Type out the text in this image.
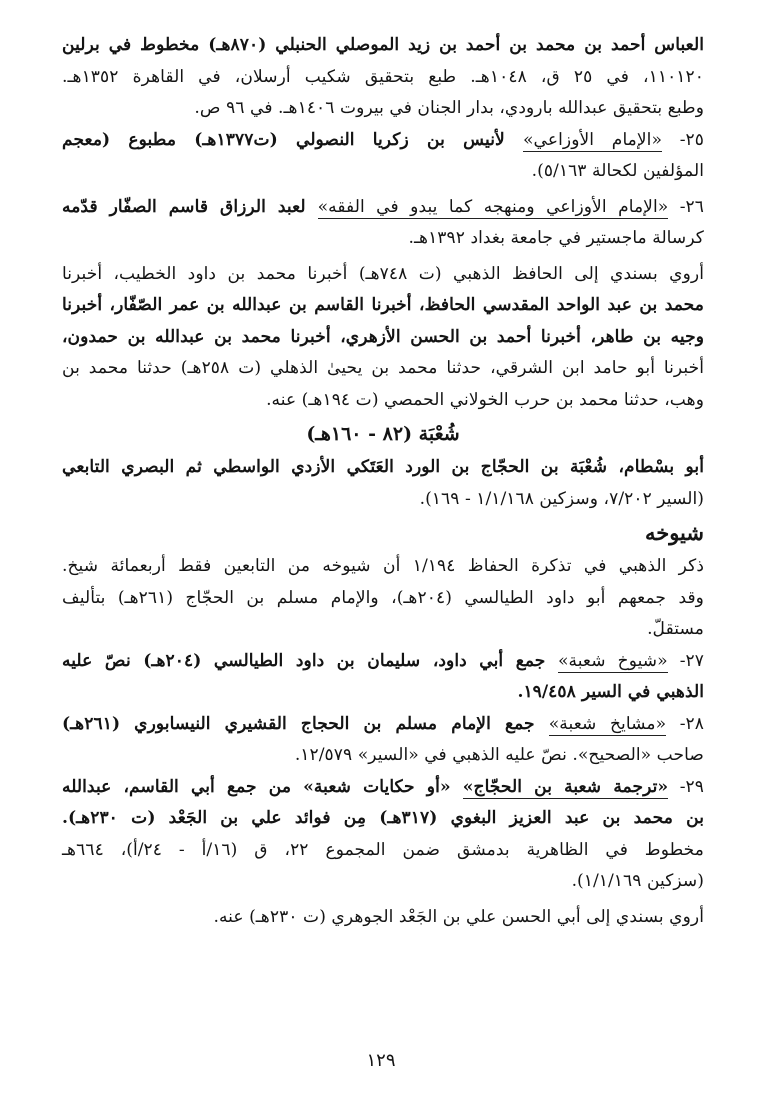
العباس أحمد بن محمد بن أحمد بن زيد الموصلي الحنبلي (٨٧٠هـ) مخطوط في برلين
١١٠١٢٠، في ٢٥ ق، ١٠٤٨هـ. طبع بتحقيق شكيب أرسلان، في القاهرة ١٣٥٢هـ.
وطبع بتحقيق عبدالله بارودي، بدار الجنان في بيروت ١٤٠٦هـ. في ٩٦ ص.
٢٥- «الإمام الأوزاعي» لأنيس بن زكريا النصولي (ت١٣٧٧هـ) مطبوع (معجم
المؤلفين لكحالة ٥/١٦٣).
٢٦- «الإمام الأوزاعي ومنهجه كما يبدو في الفقه» لعبد الرزاق قاسم الصفّار قدّمه
كرسالة ماجستير في جامعة بغداد ١٣٩٢هـ.
أروي بسندي إلى الحافظ الذهبي (ت ٧٤٨هـ) أخبرنا محمد بن داود الخطيب، أخبرنا
محمد بن عبد الواحد المقدسي الحافظ، أخبرنا القاسم بن عبدالله بن عمر الصّفّار، أخبرنا
وجيه بن طاهر، أخبرنا أحمد بن الحسن الأزهري، أخبرنا محمد بن عبدالله بن حمدون،
أخبرنا أبو حامد ابن الشرقي، حدثنا محمد بن يحيىٰ الذهلي (ت ٢٥٨هـ) حدثنا محمد بن
وهب، حدثنا محمد بن حرب الخولاني الحمصي (ت ١٩٤هـ) عنه.
شُعْبَة (٨٢ - ١٦٠هـ)
أبو بسْطام، شُعْبَة بن الحجّاج بن الورد العَتَكي الأزدي الواسطي ثم البصري التابعي
(السير ٧/٢٠٢، وسزكين ١/١/١٦٨ - ١٦٩).
شيوخه
ذكر الذهبي في تذكرة الحفاظ ١/١٩٤ أن شيوخه من التابعين فقط أربعمائة شيخ.
وقد جمعهم أبو داود الطيالسي (٢٠٤هـ)، والإمام مسلم بن الحجّاج (٢٦١هـ) بتأليف
مستقلّ.
٢٧- «شيوخ شعبة» جمع أبي داود، سليمان بن داود الطيالسي (٢٠٤هـ) نصّ عليه
الذهبي في السير ١٩/٤٥٨.
٢٨- «مشايخ شعبة» جمع الإمام مسلم بن الحجاج القشيري النيسابوري (٢٦١هـ)
صاحب «الصحيح». نصّ عليه الذهبي في «السير» ١٢/٥٧٩.
٢٩- «ترجمة شعبة بن الحجّاج» «أو حكايات شعبة» من جمع أبي القاسم، عبدالله
بن محمد بن عبد العزيز البغوي (٣١٧هـ) مِن فوائد علي بن الجَعْد (ت ٢٣٠هـ).
مخطوط في الظاهرية بدمشق ضمن المجموع ٢٢، ق (١٦/أ - ٢٤/أ)، ٦٦٤هـ
(سزكين ١/١/١٦٩).
أروي بسندي إلى أبي الحسن علي بن الجَعْد الجوهري (ت ٢٣٠هـ) عنه.
١٢٩
